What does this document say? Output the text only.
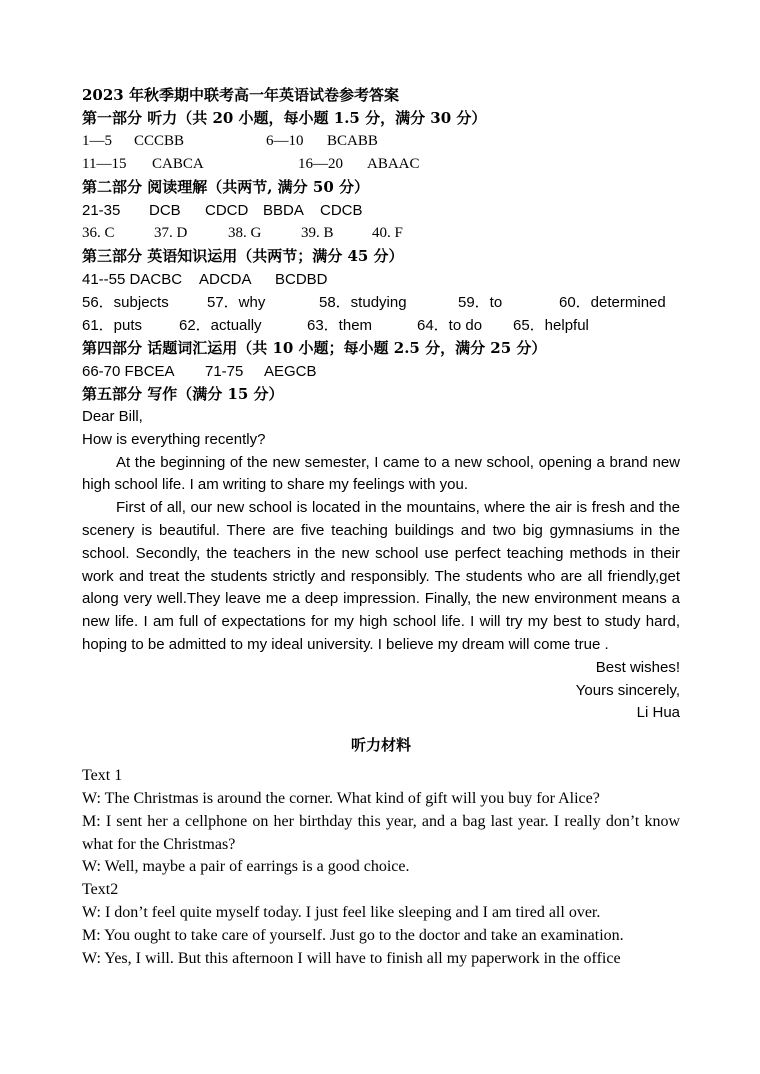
2023 年秋季期中联考高一年英语试卷参考答案
第一部分 听力（共 20 小题，每小题 1.5 分，满分 30 分）
1—5 CCCBB	6—10 BCABB
11—15 CABCA	16—20 ABAAC
第二部分 阅读理解（共两节, 满分 50 分）
21-35 DCB CDCD BBDA CDCB
36. C	37. D	38. G	39. B	40. F
第三部分 英语知识运用（共两节；满分 45 分）
41--55 DACBC ADCDA BCDBD
56．subjects	57．why	58．studying	59．to	60．determined
61．puts 62．actually	63．them	64．to do 65．helpful
第四部分 话题词汇运用（共 10 小题；每小题 2.5 分，满分 25 分）
66-70 FBCEA 71-75 AEGCB
第五部分 写作（满分 15 分）
Dear Bill,
How is everything recently?

At the beginning of the new semester, I came to a new school, opening a brand new high school life. I am writing to share my feelings with you.

First of all, our new school is located in the mountains, where the air is fresh and the scenery is beautiful. There are five teaching buildings and two big gymnasiums in the school. Secondly, the teachers in the new school use perfect teaching methods in their work and treat the students strictly and responsibly. The students who are all friendly,get along very well.They leave me a deep impression. Finally, the new environment means a new life. I am full of expectations for my high school life. I will try my best to study hard, hoping to be admitted to my ideal university. I believe my dream will come true .

Best wishes!
Yours sincerely,
Li Hua
听力材料
Text 1

W: The Christmas is around the corner. What kind of gift will you buy for Alice?

M: I sent her a cellphone on her birthday this year, and a bag last year. I really don’t know what for the Christmas?

W: Well, maybe a pair of earrings is a good choice.

Text2

W: I don’t feel quite myself today. I just feel like sleeping and I am tired all over.

M: You ought to take care of yourself. Just go to the doctor and take an examination.

W: Yes, I will. But this afternoon I will have to finish all my paperwork in the office
